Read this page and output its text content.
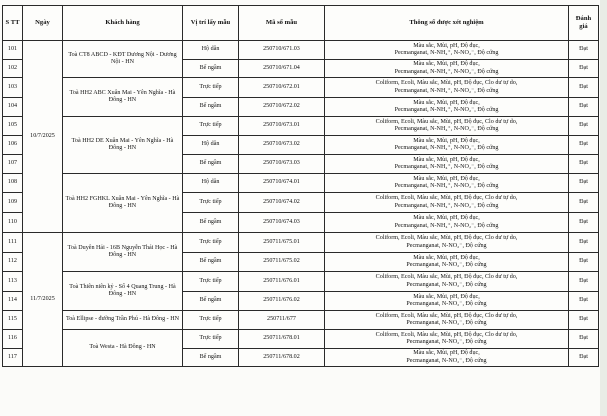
S TT	Ngày	Khách hàng	Vị trí lấy mẫu	Mã số mẫu	Thông số được xét nghiệm	Đánh giá
101	10/7/2025	Toà CT8 ABCD - KĐT Dương Nội - Dương Nội - HN	Hộ dân	250710/671.03	Màu sắc, Mùi, pH, Độ đục,
Pecmanganat, N-NH₄⁺, N-NO₂⁻, Độ cứng	Đạt
102			Bể ngầm	250710/671.04	Màu sắc, Mùi, pH, Độ đục,
Pecmanganat, N-NH₄⁺, N-NO₂⁻, Độ cứng	Đạt
103		Toà HH2 ABC Xuân Mai - Yên Nghĩa - Hà Đông - HN	Trực tiếp	250710/672.01	Coliform, Ecoli, Màu sắc, Mùi, pH, Độ đục, Clo dư tự do,
Pecmanganat, N-NH₄⁺, N-NO₂⁻, Độ cứng	Đạt
104			Bể ngầm	250710/672.02	Màu sắc, Mùi, pH, Độ đục,
Pecmanganat, N-NH₄⁺, N-NO₂⁻, Độ cứng	Đạt
105		Toà HH2 DE Xuân Mai - Yên Nghĩa - Hà Đông - HN	Trực tiếp	250710/673.01	Coliform, Ecoli, Màu sắc, Mùi, pH, Độ đục, Clo dư tự do,
Pecmanganat, N-NH₄⁺, N-NO₂⁻, Độ cứng	Đạt
106			Hộ dân	250710/673.02	Màu sắc, Mùi, pH, Độ đục,
Pecmanganat, N-NH₄⁺, N-NO₂⁻, Độ cứng	Đạt
107			Bể ngầm	250710/673.03	Màu sắc, Mùi, pH, Độ đục,
Pecmanganat, N-NH₄⁺, N-NO₂⁻, Độ cứng	Đạt
108		Toà HH2 FGHKL Xuân Mai - Yên Nghĩa - Hà Đông - HN	Hộ dân	250710/674.01	Màu sắc, Mùi, pH, Độ đục,
Pecmanganat, N-NH₄⁺, N-NO₂⁻, Độ cứng	Đạt
109			Trực tiếp	250710/674.02	Coliform, Ecoli, Màu sắc, Mùi, pH, Độ đục, Clo dư tự do,
Pecmanganat, N-NH₄⁺, N-NO₂⁻, Độ cứng	Đạt
110			Bể ngầm	250710/674.03	Màu sắc, Mùi, pH, Độ đục,
Pecmanganat, N-NH₄⁺, N-NO₂⁻, Độ cứng	Đạt
111	11/7/2025	Toà Duyên Hải - 16B Nguyễn Thái Học - Hà Đông - HN	Trực tiếp	250711/675.01	Coliform, Ecoli, Màu sắc, Mùi, pH, Độ đục, Clo dư tự do,
Pecmanganat, N-NO₂⁻, Độ cứng	Đạt
112			Bể ngầm	250711/675.02	Màu sắc, Mùi, pH, Độ đục,
Pecmanganat, N-NO₂⁻, Độ cứng	Đạt
113		Toà Thiên niên kỷ - Số 4 Quang Trung - Hà Đông - HN	Trực tiếp	250711/676.01	Coliform, Ecoli, Màu sắc, Mùi, pH, Độ đục, Clo dư tự do,
Pecmanganat, N-NO₂⁻, Độ cứng	Đạt
114			Bể ngầm	250711/676.02	Màu sắc, Mùi, pH, Độ đục,
Pecmanganat, N-NO₂⁻, Độ cứng	Đạt
115		Toà Ellipse - đường Trần Phú - Hà Đông - HN	Trực tiếp	250711/677	Coliform, Ecoli, Màu sắc, Mùi, pH, Độ đục, Clo dư tự do,
Pecmanganat, N-NO₂⁻, Độ cứng	Đạt
116		Toà Westa - Hà Đông - HN	Trực tiếp	250711/678.01	Coliform, Ecoli, Màu sắc, Mùi, pH, Độ đục, Clo dư tự do,
Pecmanganat, N-NO₂⁻, Độ cứng	Đạt
117			Bể ngầm	250711/678.02	Màu sắc, Mùi, pH, Độ đục,
Pecmanganat, N-NO₂⁻, Độ cứng	Đạt
